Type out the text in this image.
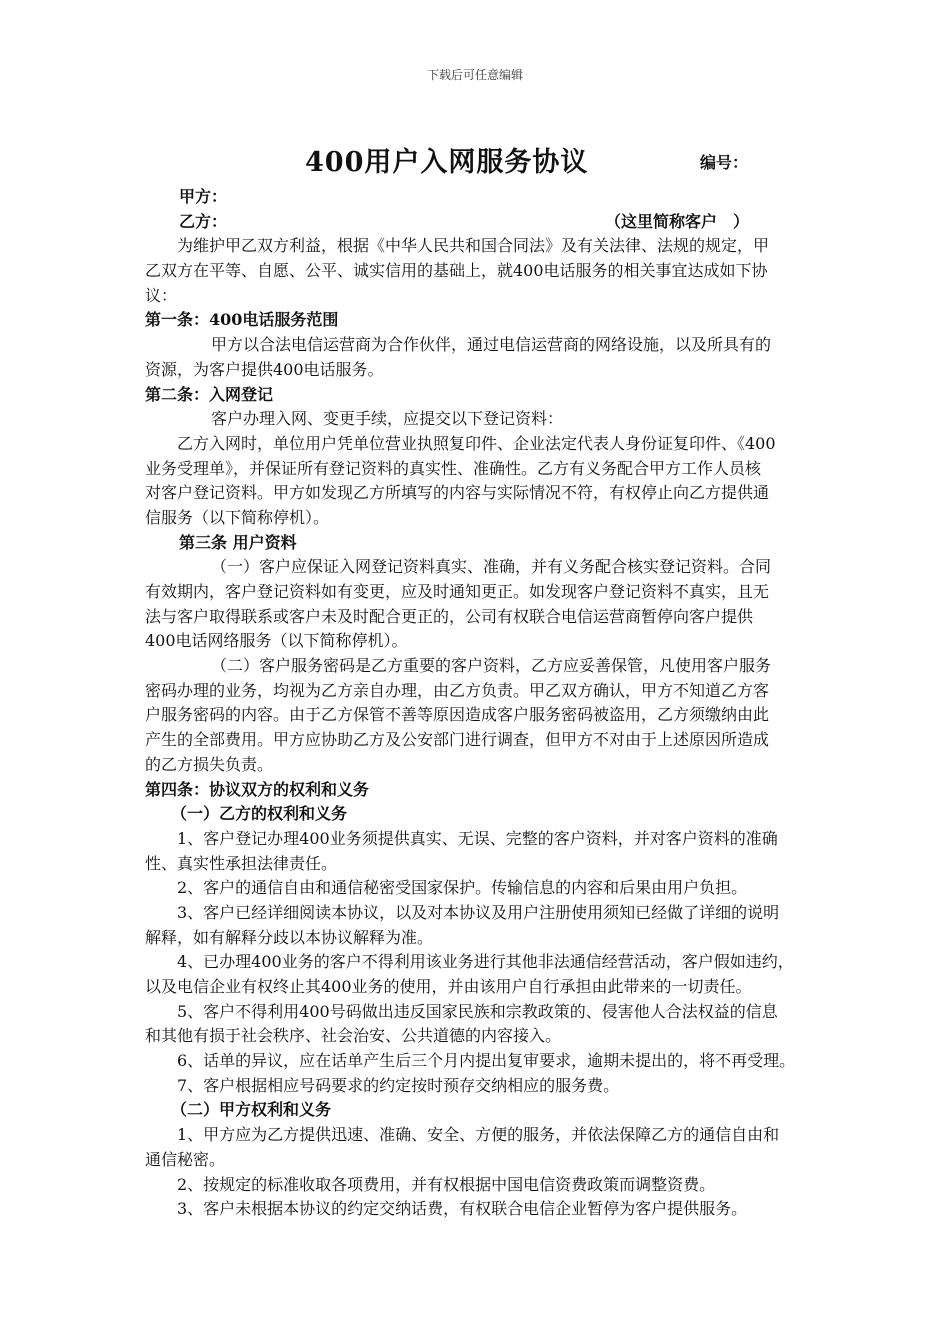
下载后可任意编辑
400用户入网服务协议	编号：
甲方：
乙方：	（这里简称客户　）
为维护甲乙双方利益，根据《中华人民共和国合同法》及有关法律、法规的规定，甲
乙双方在平等、自愿、公平、诚实信用的基础上，就400电话服务的相关事宜达成如下协
议：
第一条：400电话服务范围
甲方以合法电信运营商为合作伙伴，通过电信运营商的网络设施，以及所具有的
资源，为客户提供400电话服务。
第二条：入网登记
客户办理入网、变更手续，应提交以下登记资料：
乙方入网时，单位用户凭单位营业执照复印件、企业法定代表人身份证复印件、《400
业务受理单》，并保证所有登记资料的真实性、准确性。乙方有义务配合甲方工作人员核
对客户登记资料。甲方如发现乙方所填写的内容与实际情况不符，有权停止向乙方提供通
信服务（以下简称停机）。
第三条 用户资料
（一）客户应保证入网登记资料真实、准确，并有义务配合核实登记资料。合同
有效期内，客户登记资料如有变更，应及时通知更正。如发现客户登记资料不真实，且无
法与客户取得联系或客户未及时配合更正的，公司有权联合电信运营商暂停向客户提供
400电话网络服务（以下简称停机）。
（二）客户服务密码是乙方重要的客户资料，乙方应妥善保管，凡使用客户服务
密码办理的业务，均视为乙方亲自办理，由乙方负责。甲乙双方确认，甲方不知道乙方客
户服务密码的内容。由于乙方保管不善等原因造成客户服务密码被盗用，乙方须缴纳由此
产生的全部费用。甲方应协助乙方及公安部门进行调查，但甲方不对由于上述原因所造成
的乙方损失负责。
第四条：协议双方的权利和义务
（一）乙方的权利和义务
1、客户登记办理400业务须提供真实、无误、完整的客户资料，并对客户资料的准确
性、真实性承担法律责任。
2、客户的通信自由和通信秘密受国家保护。传输信息的内容和后果由用户负担。
3、客户已经详细阅读本协议，以及对本协议及用户注册使用须知已经做了详细的说明
解释，如有解释分歧以本协议解释为准。
4、已办理400业务的客户不得利用该业务进行其他非法通信经营活动，客户假如违约，
以及电信企业有权终止其400业务的使用，并由该用户自行承担由此带来的一切责任。
5、客户不得利用400号码做出违反国家民族和宗教政策的、侵害他人合法权益的信息
和其他有损于社会秩序、社会治安、公共道德的内容接入。
6、话单的异议，应在话单产生后三个月内提出复审要求，逾期未提出的，将不再受理。
7、客户根据相应号码要求的约定按时预存交纳相应的服务费。
（二）甲方权利和义务
1、甲方应为乙方提供迅速、准确、安全、方便的服务，并依法保障乙方的通信自由和
通信秘密。
2、按规定的标准收取各项费用，并有权根据中国电信资费政策而调整资费。
3、客户未根据本协议的约定交纳话费，有权联合电信企业暂停为客户提供服务。
